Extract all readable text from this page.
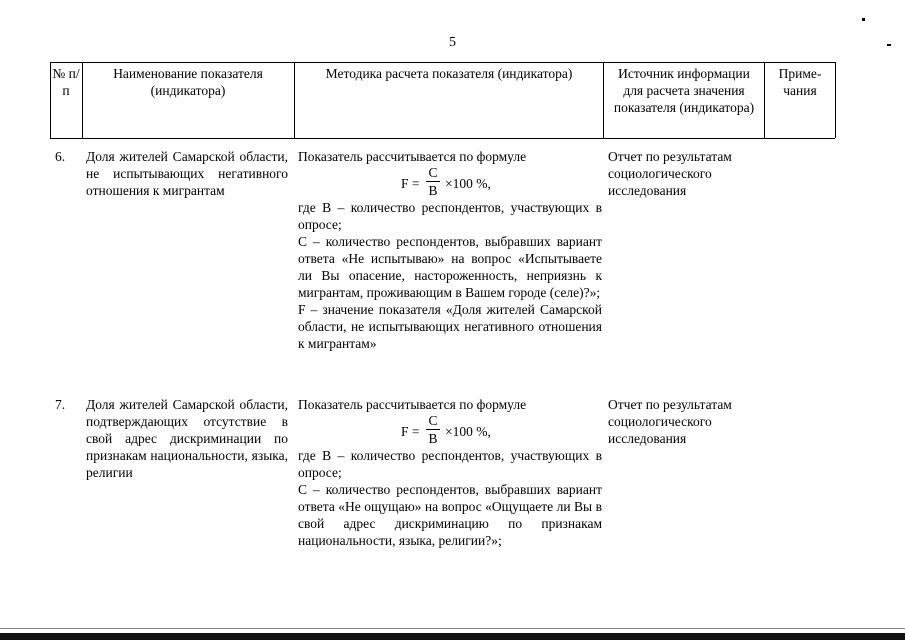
5
№ п/п
Наименование показателя (индикатора)
Методика расчета показателя (индикатора)	Источник информации для расчета значения показателя (индикатора)
Приме-чания
6. Доля жителей Самарской области, не испытывающих негативного отношения к мигрантам
Показатель рассчитывается по формуле
F =
C
B ×100 %,
где В – количество респондентов, участвующих в опросе;
С – количество респондентов, выбравших вариант ответа «Не испытываю» на вопрос «Испытываете ли Вы опасение, настороженность, неприязнь к мигрантам, проживающим в Вашем городе (селе)?»;
F – значение показателя «Доля жителей Самарской области, не испытывающих негативного отношения к мигрантам»
Отчет по результатам социологического исследования
7. Доля жителей Самарской области, подтверждающих отсутствие в свой адрес дискриминации по признакам национальности, языка, религии
Показатель рассчитывается по формуле
F =
C
B ×100 %,
где В – количество респондентов, участвующих в опросе;
С – количество респондентов, выбравших вариант ответа «Не ощущаю» на вопрос «Ощущаете ли Вы в свой адрес дискриминацию по признакам национальности, языка, религии?»;
Отчет по результатам социологического исследования
